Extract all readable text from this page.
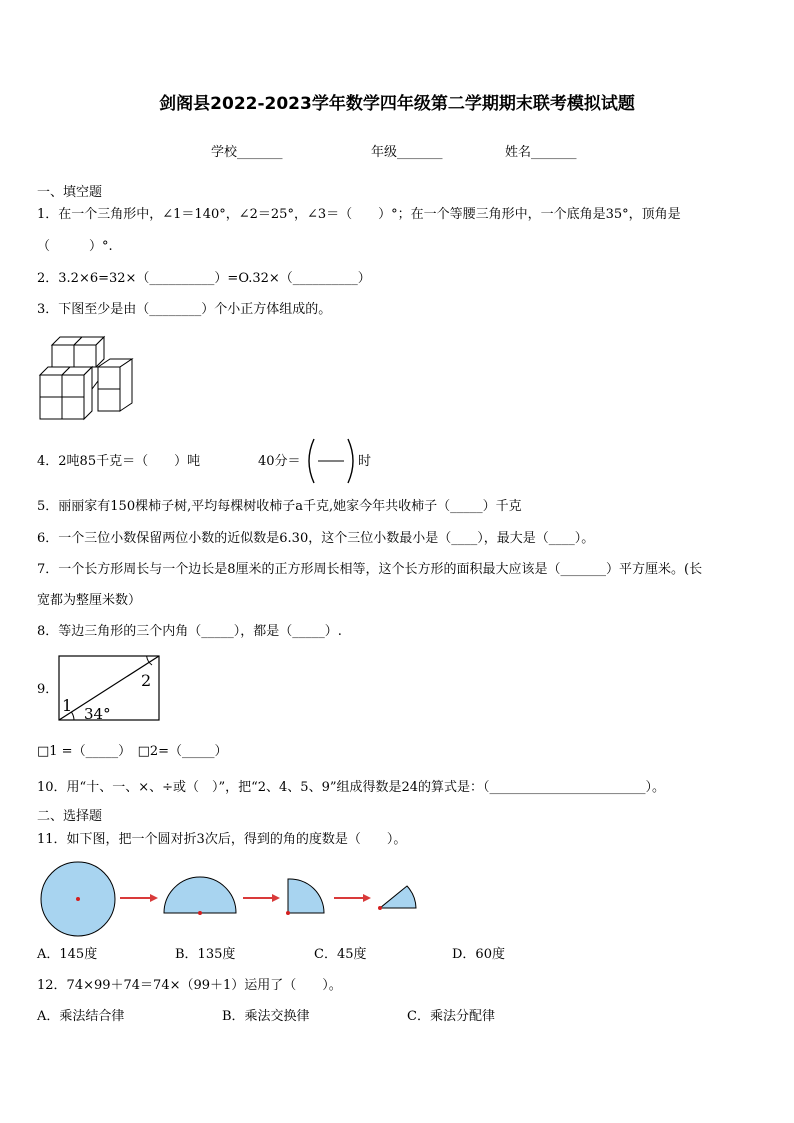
剑阁县2022-2023学年数学四年级第二学期期末联考模拟试题
学校_______	年级_______	姓名_______
一、填空题
1．在一个三角形中，∠1＝140°，∠2＝25°，∠3＝（　　）°；在一个等腰三角形中，一个底角是35°，顶角是
（　　　）°.
2．3.2×6=32×（__________）=O.32×（__________）
3．下图至少是由（________）个小正方体组成的。
4．2吨85千克＝（　　）吨	40分＝	时
5．丽丽家有150棵柿子树,平均每棵树收柿子a千克,她家今年共收柿子（_____）千克
6．一个三位小数保留两位小数的近似数是6.30，这个三位小数最小是（____），最大是（____）。
7．一个长方形周长与一个边长是8厘米的正方形周长相等，这个长方形的面积最大应该是（_______）平方厘米。(长
宽都为整厘米数）
8．等边三角形的三个内角（_____），都是（_____）.
9．
1
2
34°
□1 =（_____）　□2=（_____）
10．用“十、一、×、÷或（　）”，把“2、4、5、9”组成得数是24的算式是：（________________________）。
二、选择题
11．如下图，把一个圆对折3次后，得到的角的度数是（　　）。
A．145度	B．135度	C．45度	D．60度
12．74×99＋74＝74×（99＋1）运用了（　　）。
A．乘法结合律	B．乘法交换律	C．乘法分配律
